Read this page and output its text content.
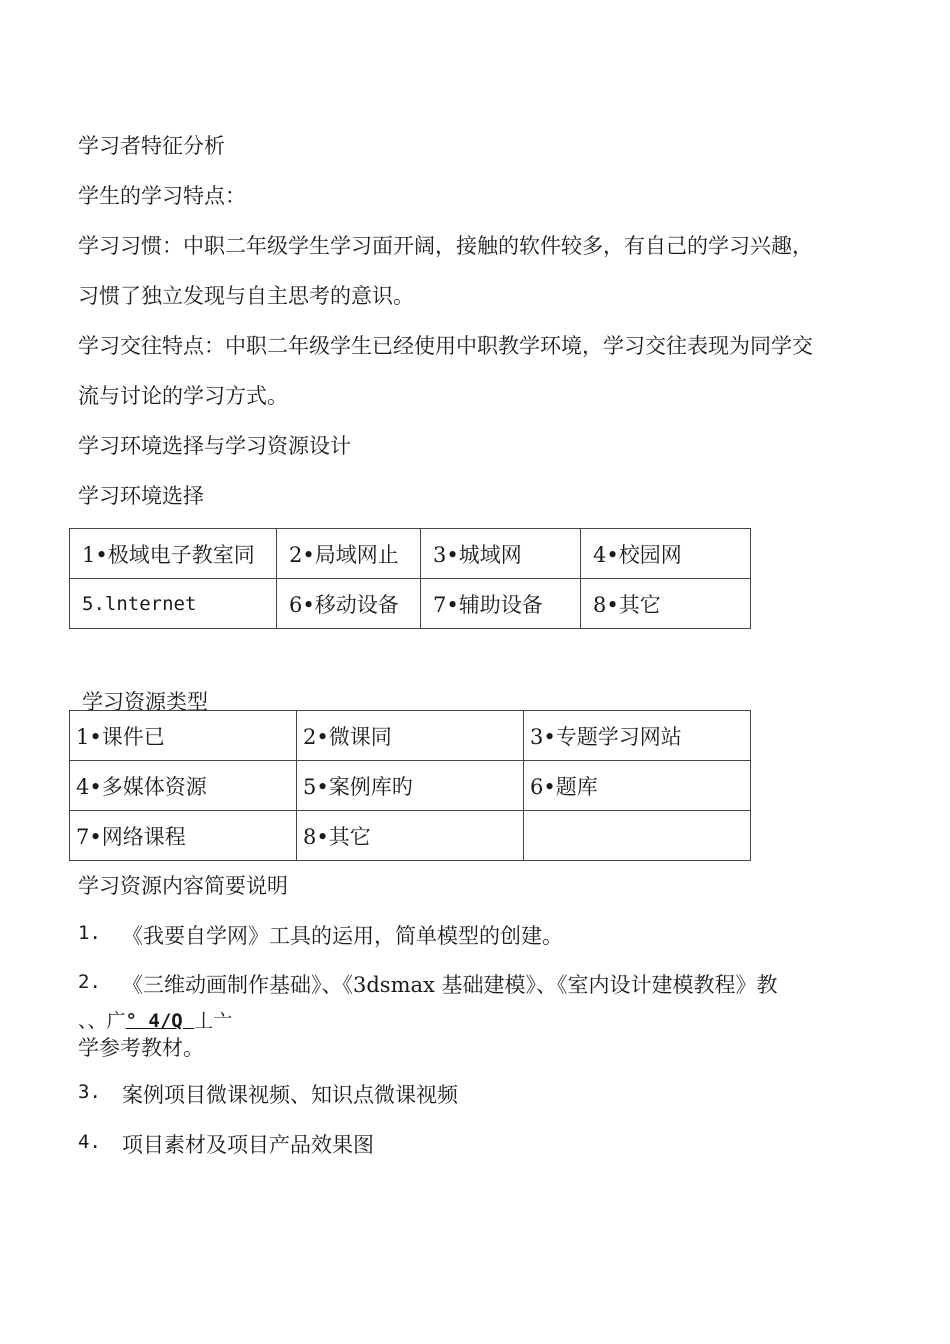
学习者特征分析
学生的学习特点：
学习习惯：中职二年级学生学习面开阔，接触的软件较多，有自己的学习兴趣，
习惯了独立发现与自主思考的意识。
学习交往特点：中职二年级学生已经使用中职教学环境，学习交往表现为同学交
流与讨论的学习方式。
学习环境选择与学习资源设计
学习环境选择
1•极域电子教室同	2•局域网止	3•城域网	4•校园网
5.lnternet	6•移动设备	7•辅助设备	8•其它
学习资源类型
1•课件已	2•微课同	3•专题学习网站
4•多媒体资源	5•案例库旳	6•题库
7•网络课程	8•其它	
学习资源内容简要说明
1. 《我要自学网》工具的运用，简单模型的创建。
2. 《三维动画制作基础》、《3dsmax 基础建模》、《室内设计建模教程》教
、、广° 4/Q 丄亠
学参考教材。
3. 案例项目微课视频、知识点微课视频
4. 项目素材及项目产品效果图
